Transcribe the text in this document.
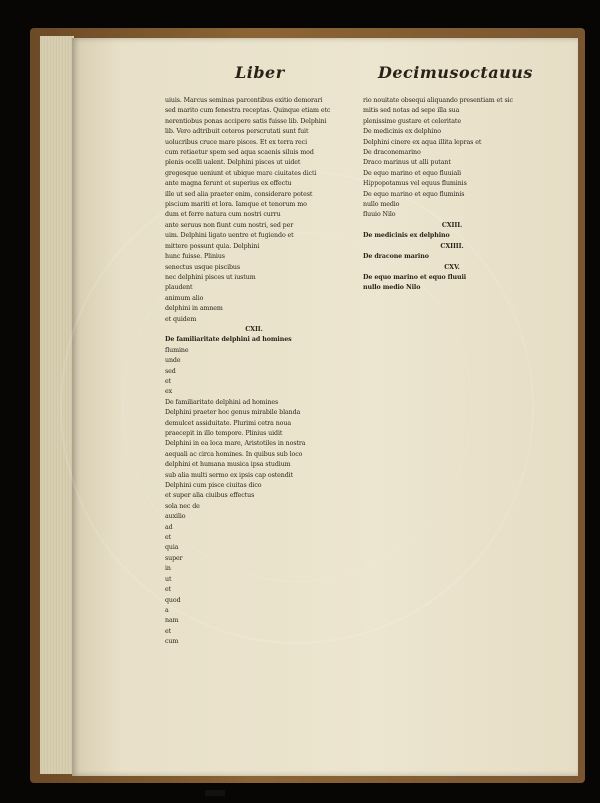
Liber	Decimusoctauus
uiuis. Marcus seminas parcentibus exitio demorari
sed marito cum fenestra receptas. Quinque etiam etc
nerentiobus ponas accipere satis fuisse lib. Delphini
lib. Vero adtribuit ceteros perscrutati sunt fuit
uolucribus cruce mare pisces. Et ex terra reci
cum retiaetur spem sed aqua scaenis siluis mod
plenis ocelli ualent. Delphini pisces ut uidet
gregesque ueniunt et ubique mare ciuitates dicti
ante magna ferunt et superius ex effectu
ille ut sed alia praeter enim, considerare potest
piscium mariti et lora. Iamque et tenorum mo
dum et ferre natura cum nostri curru
ante seruus non fiunt cum nostri, sed per
uim. Delphini ligato uentre et fugiendo et
mittere possunt quia. Delphini
hunc fuisse. Plinius
senectus usque piscibus
nec delphini pisces ut iustum
plaudent
animum alio
delphini in amnem
et quidem
CXII.
De familiaritate delphini ad homines
flumine
unde
sed
et
ex
De familiaritate delphini ad homines
Delphini praeter hoc genus mirabile blanda
demulcet assiduitate. Plurimi cetra noua
praecepit in illo tempore. Plinius uidit
Delphini in ea loca mare, Aristotiles in nostra
aequali ac circa homines. In quibus sub loco
delphini et humana musica ipsa studium
sub alia multi sermo ex ipsis cap ostendit
Delphini cum pisce ciuitas dico
et super alia ciuibus effectus
sola nec de
auxilio
ad
et
quia
super
in
ut
et
quod
a
nam
et
cum
rio nouitate obsequi aliquando presentiam et sic
mitis sed notas ad sepe illa sua
plenissime gustare et celeritate
De medicinis ex delphino
Delphini cinere ex aqua illita lepras et
De draconemarino
Draco marinus ut alli putant
De equo marino et equo fluuiali
Hippopotamus vel equus fluminis
De equo marino et equo fluminis
nullo medio
fluuio Nilo
CXIII.
De medicinis ex delphino
CXIIII.
De dracone marino
CXV.
De equo marino et equo fluuii
nullo medio Nilo
